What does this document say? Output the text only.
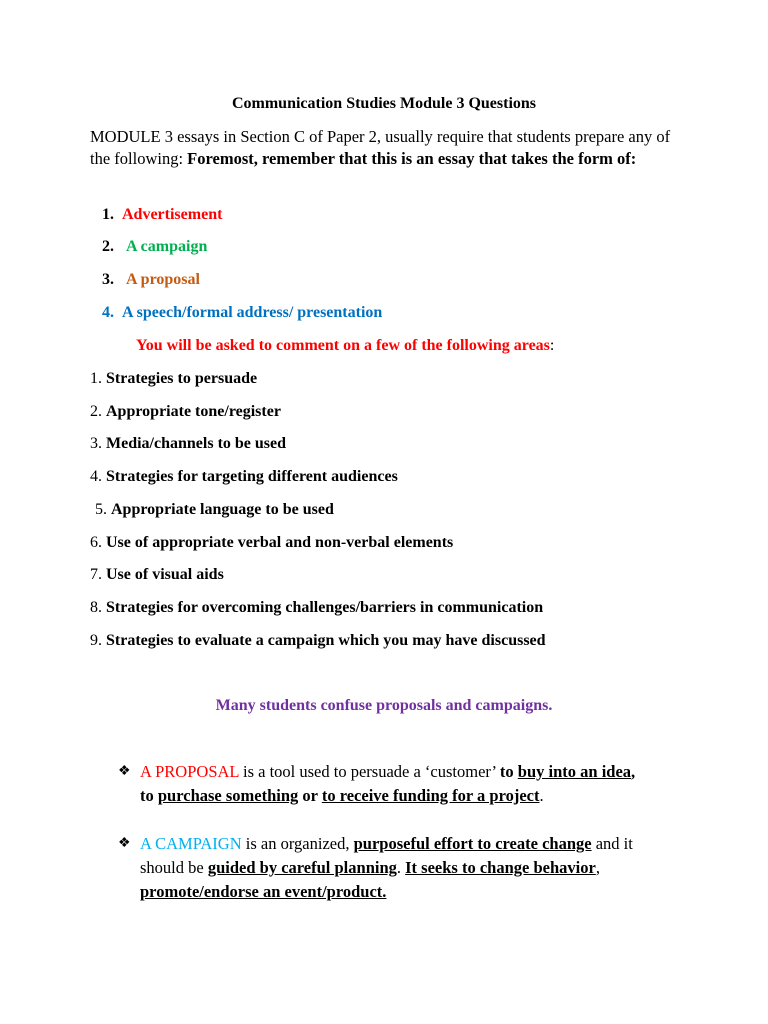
Communication Studies Module 3 Questions
MODULE 3 essays in Section C of Paper 2, usually require that students prepare any of the following: Foremost, remember that this is an essay that takes the form of:
1. Advertisement
2. A campaign
3. A proposal
4. A speech/formal address/ presentation
You will be asked to comment on a few of the following areas:
1. Strategies to persuade
2. Appropriate tone/register
3. Media/channels to be used
4. Strategies for targeting different audiences
5. Appropriate language to be used
6. Use of appropriate verbal and non-verbal elements
7. Use of visual aids
8. Strategies for overcoming challenges/barriers in communication
9. Strategies to evaluate a campaign which you may have discussed
Many students confuse proposals and campaigns.
❖ A PROPOSAL is a tool used to persuade a ‘customer’ to buy into an idea,
to purchase something or to receive funding for a project.
❖ A CAMPAIGN is an organized, purposeful effort to create change and it should be guided by careful planning. It seeks to change behavior, promote/endorse an event/product.
